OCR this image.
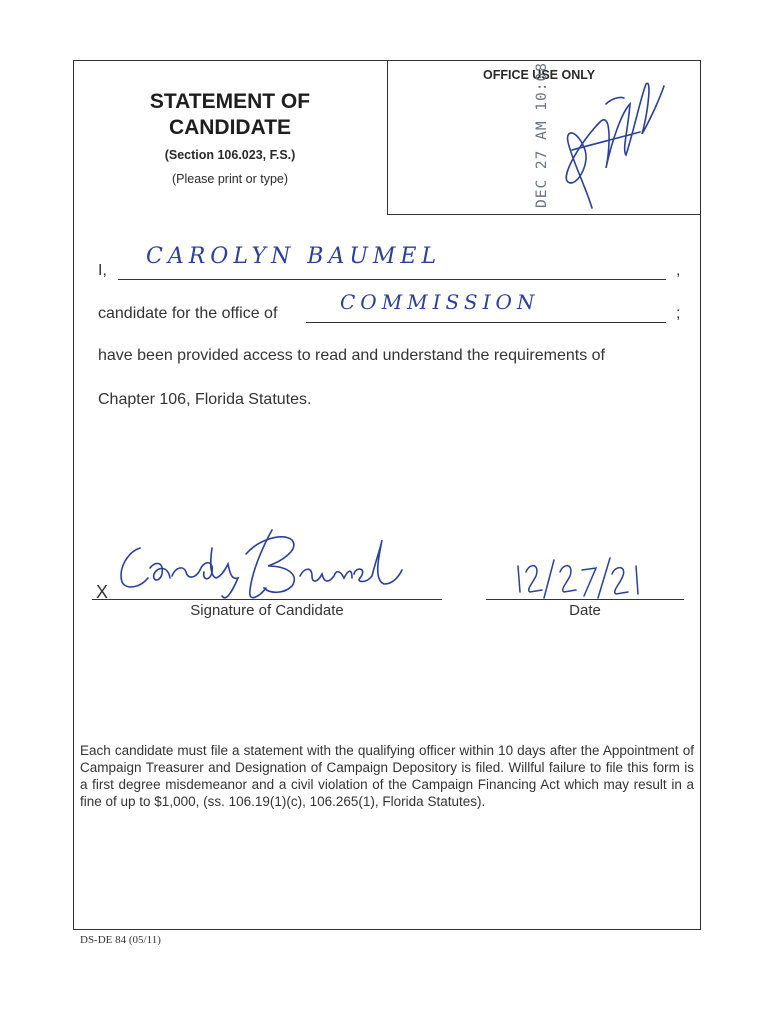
STATEMENT OF
CANDIDATE
(Section 106.023, F.S.)
(Please print or type)
OFFICE USE ONLY
DEC 27 AM 10:08
I,
CAROLYN BAUMEL
,
candidate for the office of	COMMISSION	;
have been provided access to read and understand the requirements of
Chapter 106, Florida Statutes.
X
Signature of Candidate	Date
Each candidate must file a statement with the qualifying officer within 10 days after the Appointment of Campaign Treasurer and Designation of Campaign Depository is filed. Willful failure to file this form is a first degree misdemeanor and a civil violation of the Campaign Financing Act which may result in a fine of up to $1,000, (ss. 106.19(1)(c), 106.265(1), Florida Statutes).
DS-DE 84 (05/11)
